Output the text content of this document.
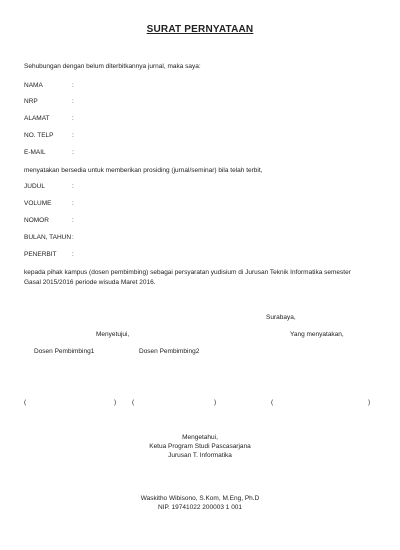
SURAT PERNYATAAN
Sehubungan dengan belum diterbitkannya jurnal, maka saya:
NAMA	:
NRP	:
ALAMAT	:
NO. TELP	:
E-MAIL	:
menyatakan bersedia untuk memberikan prosiding (jurnal/seminar) bila telah terbit,
JUDUL	:
VOLUME	:
NOMOR	:
BULAN, TAHUN:
PENERBIT :
kepada pihak kampus (dosen pembimbing) sebagai persyaratan yudisium di Jurusan Teknik Informatika semester
Gasal 2015/2016 periode wisuda Maret 2016.
Surabaya,
Menyetujui,	Yang menyatakan,
Dosen Pembimbing1	Dosen Pembimbing2
(	) (	)	(	)
Mengetahui,
Ketua Program Studi Pascasarjana
Jurusan T. Informatika
Waskitho Wibisono, S.Kom, M.Eng, Ph.D
NIP. 19741022 200003 1 001
